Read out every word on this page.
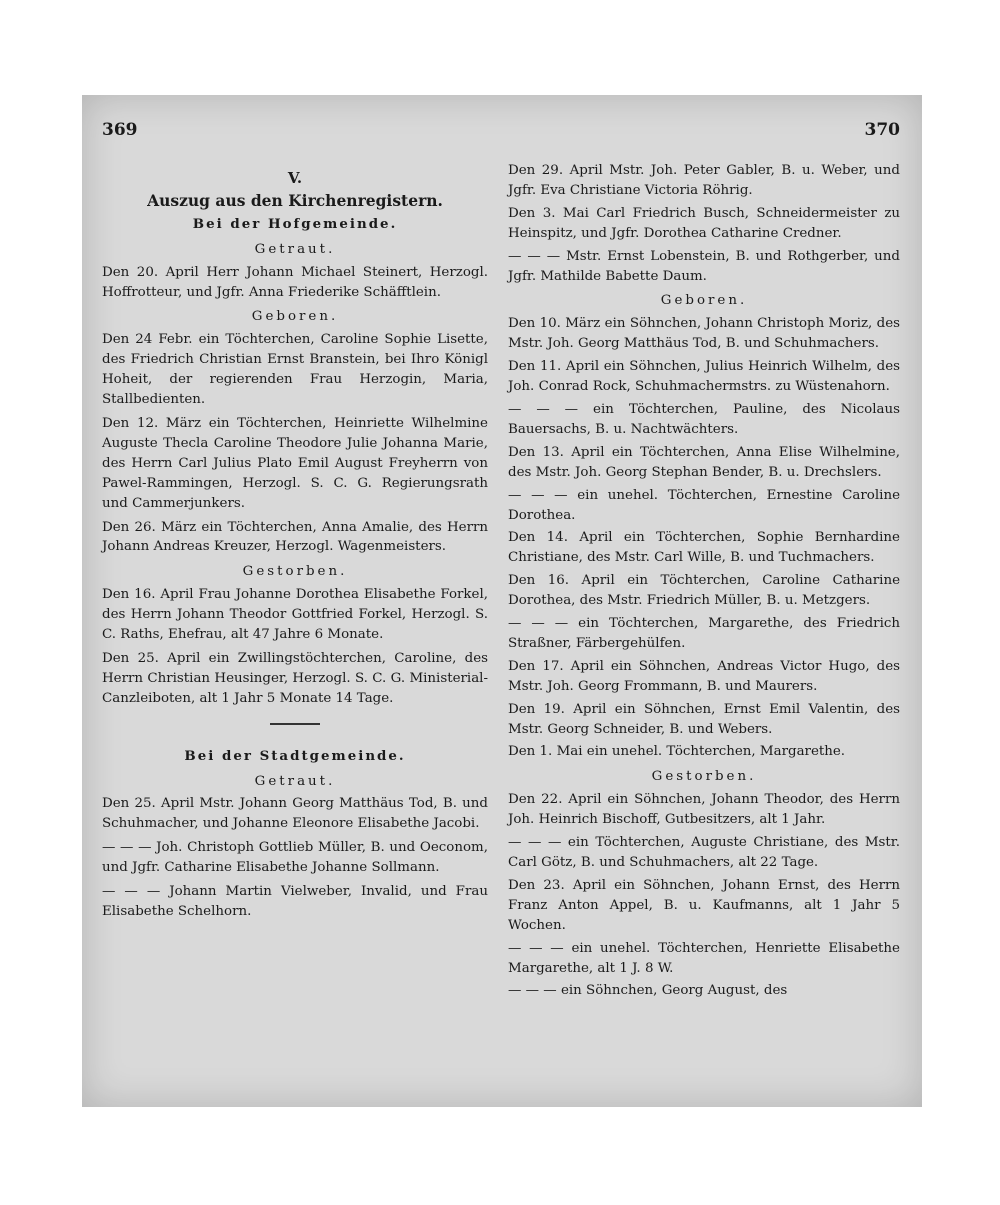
369
V.
Auszug aus den Kirchenregistern.
Bei der Hofgemeinde.
Getraut.

Den 20. April Herr Johann Michael Steinert, Herzogl. Hoffrotteur, und Jgfr. Anna Friederike Schäfftlein.

Geboren.

Den 24 Febr. ein Töchterchen, Caroline Sophie Lisette, des Friedrich Christian Ernst Branstein, bei Ihro Königl Hoheit, der regierenden Frau Herzogin, Maria, Stallbedienten.

Den 12. März ein Töchterchen, Heinriette Wilhelmine Auguste Thecla Caroline Theodore Julie Johanna Marie, des Herrn Carl Julius Plato Emil August Freyherrn von Pawel-Rammingen, Herzogl. S. C. G. Regierungsrath und Cammerjunkers.

Den 26. März ein Töchterchen, Anna Amalie, des Herrn Johann Andreas Kreuzer, Herzogl. Wagenmeisters.

Gestorben.

Den 16. April Frau Johanne Dorothea Elisabethe Forkel, des Herrn Johann Theodor Gottfried Forkel, Herzogl. S. C. Raths, Ehefrau, alt 47 Jahre 6 Monate.

Den 25. April ein Zwillingstöchterchen, Caroline, des Herrn Christian Heusinger, Herzogl. S. C. G. Ministerial-Canzleiboten, alt 1 Jahr 5 Monate 14 Tage.

Bei der Stadtgemeinde.
Getraut.

Den 25. April Mstr. Johann Georg Matthäus Tod, B. und Schuhmacher, und Johanne Eleonore Elisabethe Jacobi.

— — — Joh. Christoph Gottlieb Müller, B. und Oeconom, und Jgfr. Catharine Elisabethe Johanne Sollmann.

— — — Johann Martin Vielweber, Invalid, und Frau Elisabethe Schelhorn.

370

Den 29. April Mstr. Joh. Peter Gabler, B. u. Weber, und Jgfr. Eva Christiane Victoria Röhrig.

Den 3. Mai Carl Friedrich Busch, Schneidermeister zu Heinspitz, und Jgfr. Dorothea Catharine Credner.

— — — Mstr. Ernst Lobenstein, B. und Rothgerber, und Jgfr. Mathilde Babette Daum.

Geboren.

Den 10. März ein Söhnchen, Johann Christoph Moriz, des Mstr. Joh. Georg Matthäus Tod, B. und Schuhmachers.

Den 11. April ein Söhnchen, Julius Heinrich Wilhelm, des Joh. Conrad Rock, Schuhmachermstrs. zu Wüstenahorn.

— — — ein Töchterchen, Pauline, des Nicolaus Bauersachs, B. u. Nachtwächters.

Den 13. April ein Töchterchen, Anna Elise Wilhelmine, des Mstr. Joh. Georg Stephan Bender, B. u. Drechslers.

— — — ein unehel. Töchterchen, Ernestine Caroline Dorothea.

Den 14. April ein Töchterchen, Sophie Bernhardine Christiane, des Mstr. Carl Wille, B. und Tuchmachers.

Den 16. April ein Töchterchen, Caroline Catharine Dorothea, des Mstr. Friedrich Müller, B. u. Metzgers.

— — — ein Töchterchen, Margarethe, des Friedrich Straßner, Färbergehülfen.

Den 17. April ein Söhnchen, Andreas Victor Hugo, des Mstr. Joh. Georg Frommann, B. und Maurers.

Den 19. April ein Söhnchen, Ernst Emil Valentin, des Mstr. Georg Schneider, B. und Webers.

Den 1. Mai ein unehel. Töchterchen, Margarethe.

Gestorben.

Den 22. April ein Söhnchen, Johann Theodor, des Herrn Joh. Heinrich Bischoff, Gutbesitzers, alt 1 Jahr.

— — — ein Töchterchen, Auguste Christiane, des Mstr. Carl Götz, B. und Schuhmachers, alt 22 Tage.

Den 23. April ein Söhnchen, Johann Ernst, des Herrn Franz Anton Appel, B. u. Kaufmanns, alt 1 Jahr 5 Wochen.

— — — ein unehel. Töchterchen, Henriette Elisabethe Margarethe, alt 1 J. 8 W.

— — — ein Söhnchen, Georg August, des
